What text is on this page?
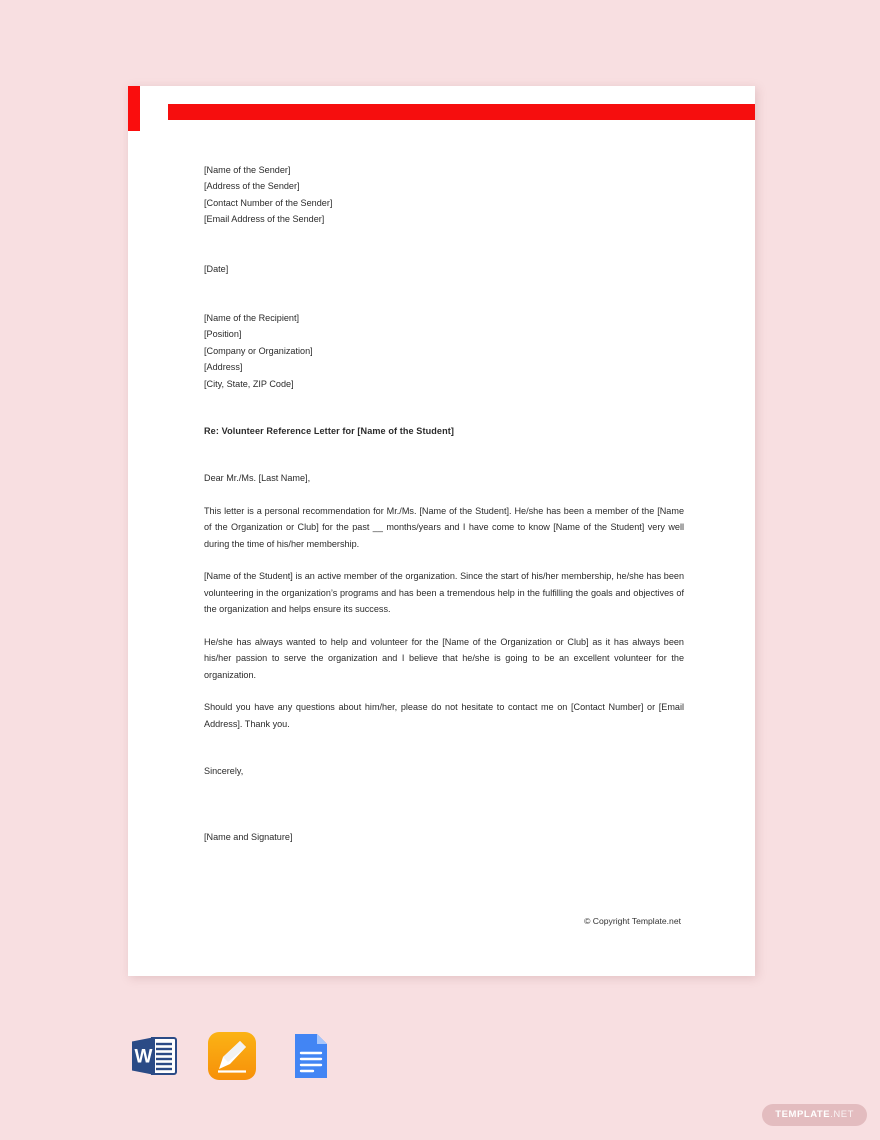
[Name of the Sender]
[Address of the Sender]
[Contact Number of the Sender]
[Email Address of the Sender]
[Date]
[Name of the Recipient]
[Position]
[Company or Organization]
[Address]
[City, State, ZIP Code]
Re: Volunteer Reference Letter for [Name of the Student]
Dear Mr./Ms. [Last Name],

This letter is a personal recommendation for Mr./Ms. [Name of the Student]. He/she has been a member of the [Name of the Organization or Club] for the past __ months/years and I have come to know [Name of the Student] very well during the time of his/her membership.

[Name of the Student] is an active member of the organization. Since the start of his/her membership, he/she has been volunteering in the organization’s programs and has been a tremendous help in the fulfilling the goals and objectives of the organization and helps ensure its success.

He/she has always wanted to help and volunteer for the [Name of the Organization or Club] as it has always been his/her passion to serve the organization and I believe that he/she is going to be an excellent volunteer for the organization.

Should you have any questions about him/her, please do not hesitate to contact me on [Contact Number] or [Email Address]. Thank you.

Sincerely,
[Name and Signature]
© Copyright Template.net
W
TEMPLATE.NET
